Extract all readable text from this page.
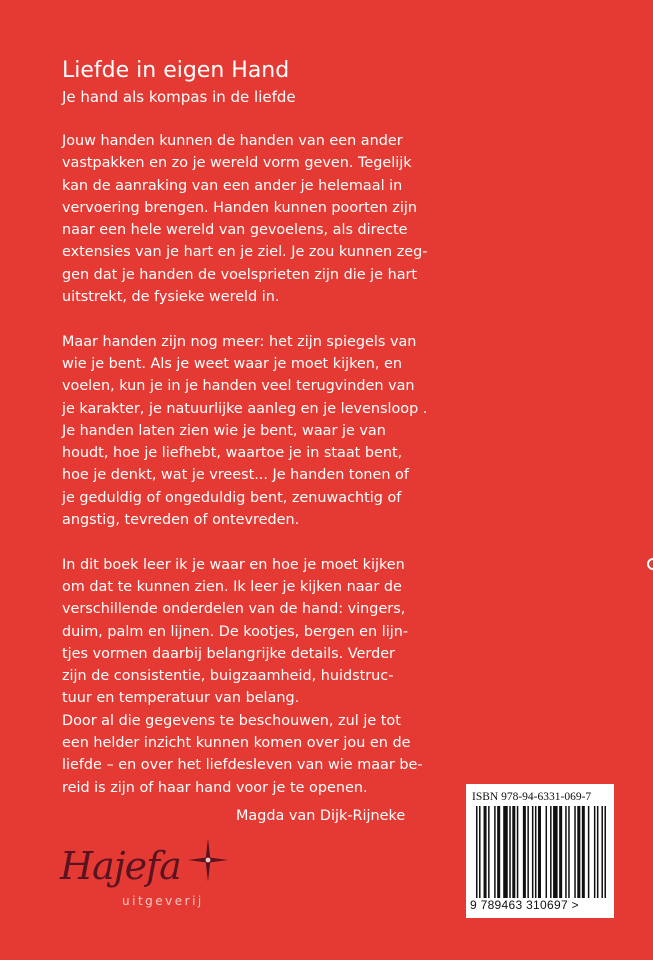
Liefde in eigen Hand

Je hand als kompas in de liefde

Jouw handen kunnen de handen van een ander
vastpakken en zo je wereld vorm geven. Tegelijk
kan de aanraking van een ander je helemaal in
vervoering brengen. Handen kunnen poorten zijn
naar een hele wereld van gevoelens, als directe
extensies van je hart en je ziel. Je zou kunnen zeg-
gen dat je handen de voelsprieten zijn die je hart
uitstrekt, de fysieke wereld in.
Maar handen zijn nog meer: het zijn spiegels van
wie je bent. Als je weet waar je moet kijken, en
voelen, kun je in je handen veel terugvinden van
je karakter, je natuurlijke aanleg en je levensloop .
Je handen laten zien wie je bent, waar je van
houdt, hoe je liefhebt, waartoe je in staat bent,
hoe je denkt, wat je vreest... Je handen tonen of
je geduldig of ongeduldig bent, zenuwachtig of
angstig, tevreden of ontevreden.
In dit boek leer ik je waar en hoe je moet kijken
om dat te kunnen zien. Ik leer je kijken naar de
verschillende onderdelen van de hand: vingers,
duim, palm en lijnen. De kootjes, bergen en lijn-
tjes vormen daarbij belangrijke details. Verder
zijn de consistentie, buigzaamheid, huidstruc-
tuur en temperatuur van belang.
Door al die gegevens te beschouwen, zul je tot
een helder inzicht kunnen komen over jou en de
liefde – en over het liefdesleven van wie maar be-
reid is zijn of haar hand voor je te openen.
Magda van Dijk-Rijneke
Hajefa
uitgeverij
ISBN 978-94-6331-069-7
9 789463 310697 >
